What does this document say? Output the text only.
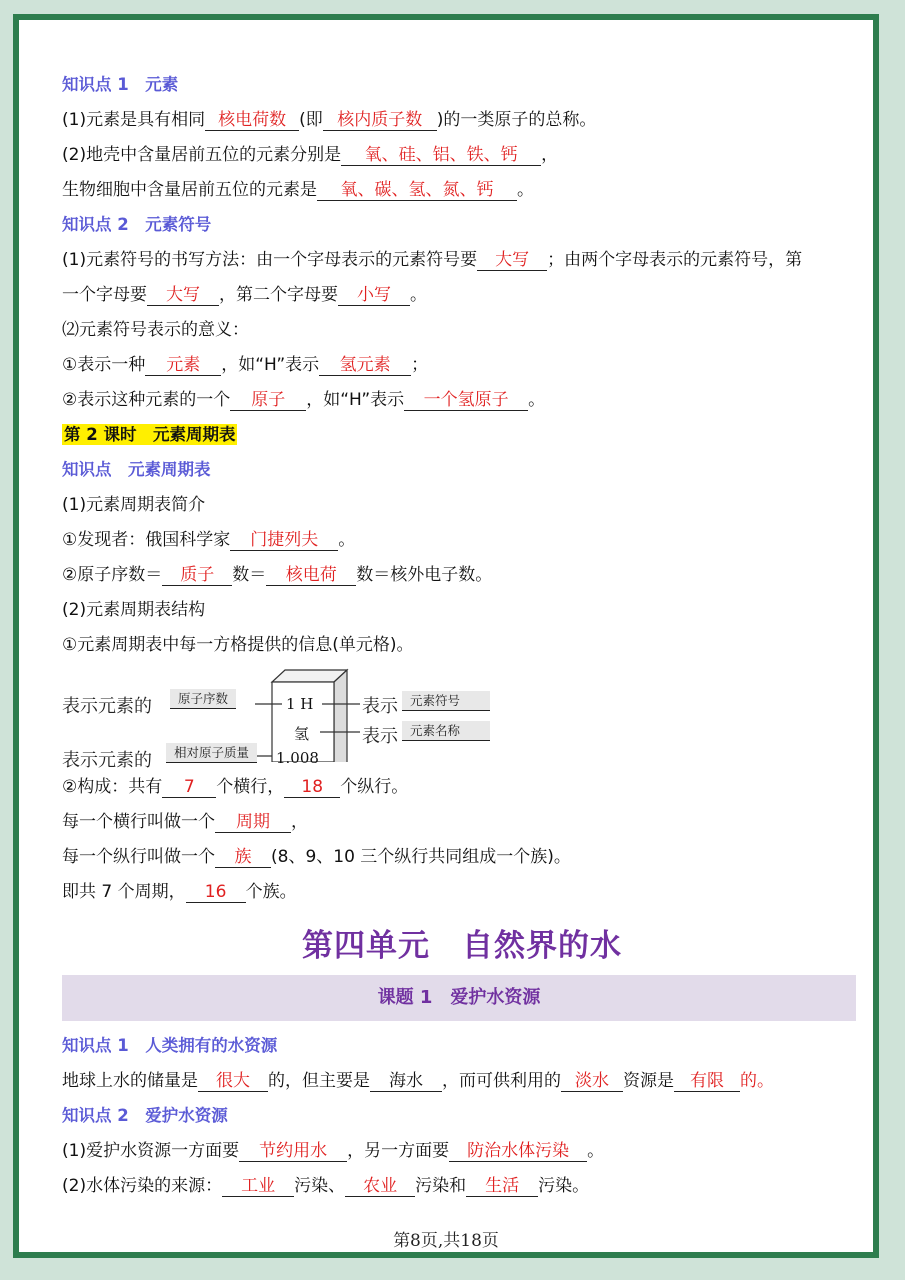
知识点 1　元素
(1)元素是具有相同 核电荷数 (即 核内质子数 )的一类原子的总称。
(2)地壳中含量居前五位的元素分别是 氧、硅、铝、铁、钙 ，
生物细胞中含量居前五位的元素是 氧、碳、氢、氮、钙 。
知识点 2　元素符号
(1)元素符号的书写方法：由一个字母表示的元素符号要 大写 ；由两个字母表示的元素符号，第
一个字母要 大写 ，第二个字母要 小写 。
⑵元素符号表示的意义：
①表示一种 元素 ，如“H”表示 氢元素 ；
②表示这种元素的一个 原子 ，如“H”表示 一个氢原子 。
第 2 课时　元素周期表
知识点　元素周期表
(1)元素周期表简介
①发现者：俄国科学家 门捷列夫 。
②原子序数＝ 质子 数＝ 核电荷 数＝核外电子数。
(2)元素周期表结构
①元素周期表中每一方格提供的信息(单元格)。
表示元素的
表示元素的
原子序数
相对原子质量
1 H
氢
1.008
表示
表示
元素符号
元素名称
②构成：共有 7 个横行， 18 个纵行。
每一个横行叫做一个 周期 ，
每一个纵行叫做一个 族 (8、9、10 三个纵行共同组成一个族)。
即共 7 个周期， 16 个族。
第四单元　自然界的水
课题 1　爱护水资源
知识点 1　人类拥有的水资源
地球上水的储量是 很大 的，但主要是 海水 ，而可供利用的 淡水 资源是 有限 的。
知识点 2　爱护水资源
(1)爱护水资源一方面要 节约用水 ，另一方面要 防治水体污染 。
(2)水体污染的来源： 工业 污染、 农业 污染和 生活 污染。
第8页,共18页
